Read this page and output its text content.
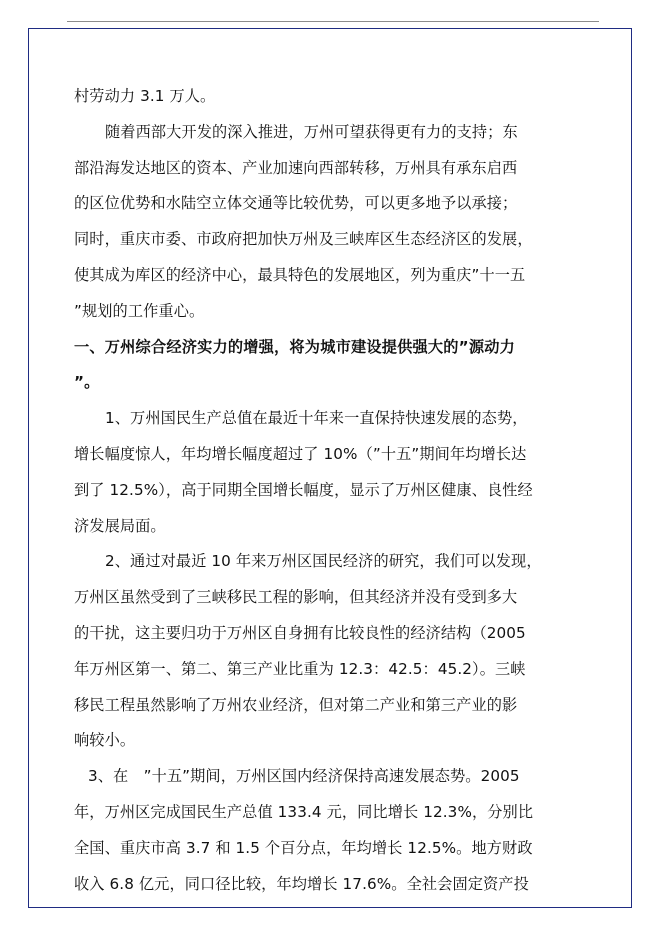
村劳动力 3.1 万人。
随着西部大开发的深入推进，万州可望获得更有力的支持；东
部沿海发达地区的资本、产业加速向西部转移，万州具有承东启西
的区位优势和水陆空立体交通等比较优势，可以更多地予以承接；
同时，重庆市委、市政府把加快万州及三峡库区生态经济区的发展，
使其成为库区的经济中心，最具特色的发展地区，列为重庆”十一五
”规划的工作重心。
一、万州综合经济实力的增强，将为城市建设提供强大的”源动力
”。
1、万州国民生产总值在最近十年来一直保持快速发展的态势，
增长幅度惊人，年均增长幅度超过了 10%（”十五”期间年均增长达
到了 12.5%），高于同期全国增长幅度，显示了万州区健康、良性经
济发展局面。
2、通过对最近 10 年来万州区国民经济的研究，我们可以发现，
万州区虽然受到了三峡移民工程的影响，但其经济并没有受到多大
的干扰，这主要归功于万州区自身拥有比较良性的经济结构（2005
年万州区第一、第二、第三产业比重为 12.3：42.5：45.2）。三峡
移民工程虽然影响了万州农业经济，但对第二产业和第三产业的影
响较小。
3、在　”十五”期间，万州区国内经济保持高速发展态势。2005
年，万州区完成国民生产总值 133.4 元，同比增长 12.3%，分别比
全国、重庆市高 3.7 和 1.5 个百分点，年均增长 12.5%。地方财政
收入 6.8 亿元，同口径比较，年均增长 17.6%。全社会固定资产投
